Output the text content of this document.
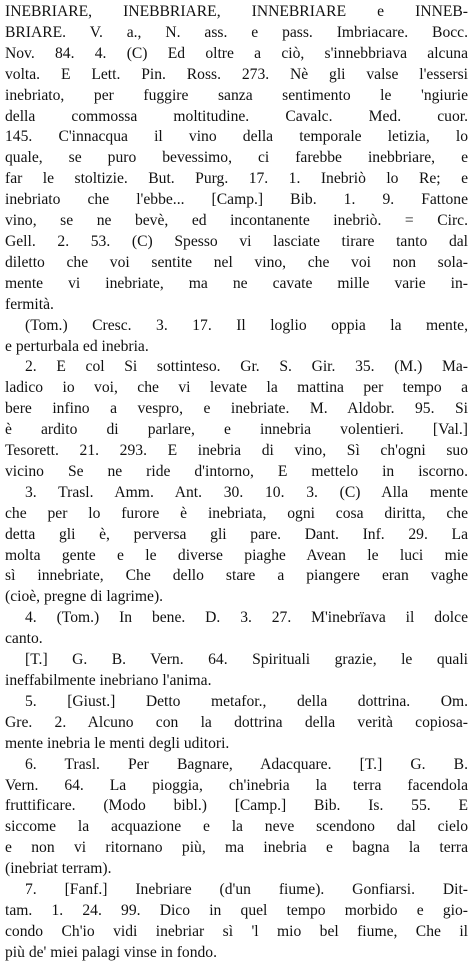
INEBRIARE, INEBBRIARE, INNEBRIARE e INNEB-
BRIARE. V. a., N. ass. e pass. Imbriacare. Bocc.
Nov. 84. 4. (C) Ed oltre a ciò, s'innebbriava alcuna
volta. E Lett. Pin. Ross. 273. Nè gli valse l'essersi
inebriato, per fuggire sanza sentimento le 'ngiurie
della commossa moltitudine. Cavalc. Med. cuor.
145. C'innacqua il vino della temporale letizia, lo
quale, se puro bevessimo, ci farebbe inebbriare, e
far le stoltizie. But. Purg. 17. 1. Inebriò lo Re; e
inebriato che l'ebbe... [Camp.] Bib. 1. 9. Fattone
vino, se ne bevè, ed incontanente inebriò. = Circ.
Gell. 2. 53. (C) Spesso vi lasciate tirare tanto dal
diletto che voi sentite nel vino, che voi non sola-
mente vi inebriate, ma ne cavate mille varie in-
fermità.
(Tom.) Cresc. 3. 17. Il loglio oppia la mente,
e perturbala ed inebria.
2. E col Si sottinteso. Gr. S. Gir. 35. (M.) Ma-
ladico io voi, che vi levate la mattina per tempo a
bere infino a vespro, e inebriate. M. Aldobr. 95. Si
è ardito di parlare, e innebria volentieri. [Val.]
Tesorett. 21. 293. E inebria di vino, Sì ch'ogni suo
vicino Se ne ride d'intorno, E mettelo in iscorno.
3. Trasl. Amm. Ant. 30. 10. 3. (C) Alla mente
che per lo furore è inebriata, ogni cosa diritta, che
detta gli è, perversa gli pare. Dant. Inf. 29. La
molta gente e le diverse piaghe Avean le luci mie
sì innebriate, Che dello stare a piangere eran vaghe
(cioè, pregne di lagrime).
4. (Tom.) In bene. D. 3. 27. M'inebrïava il dolce
canto.
[T.] G. B. Vern. 64. Spirituali grazie, le quali
ineffabilmente inebriano l'anima.
5. [Giust.] Detto metafor., della dottrina. Om.
Gre. 2. Alcuno con la dottrina della verità copiosa-
mente inebria le menti degli uditori.
6. Trasl. Per Bagnare, Adacquare. [T.] G. B.
Vern. 64. La pioggia, ch'inebria la terra facendola
fruttificare. (Modo bibl.) [Camp.] Bib. Is. 55. E
siccome la acquazione e la neve scendono dal cielo
e non vi ritornano più, ma inebria e bagna la terra
(inebriat terram).
7. [Fanf.] Inebriare (d'un fiume). Gonfiarsi. Dit-
tam. 1. 24. 99. Dico in quel tempo morbido e gio-
condo Ch'io vidi inebriar sì 'l mio bel fiume, Che il
più de' miei palagi vinse in fondo.
